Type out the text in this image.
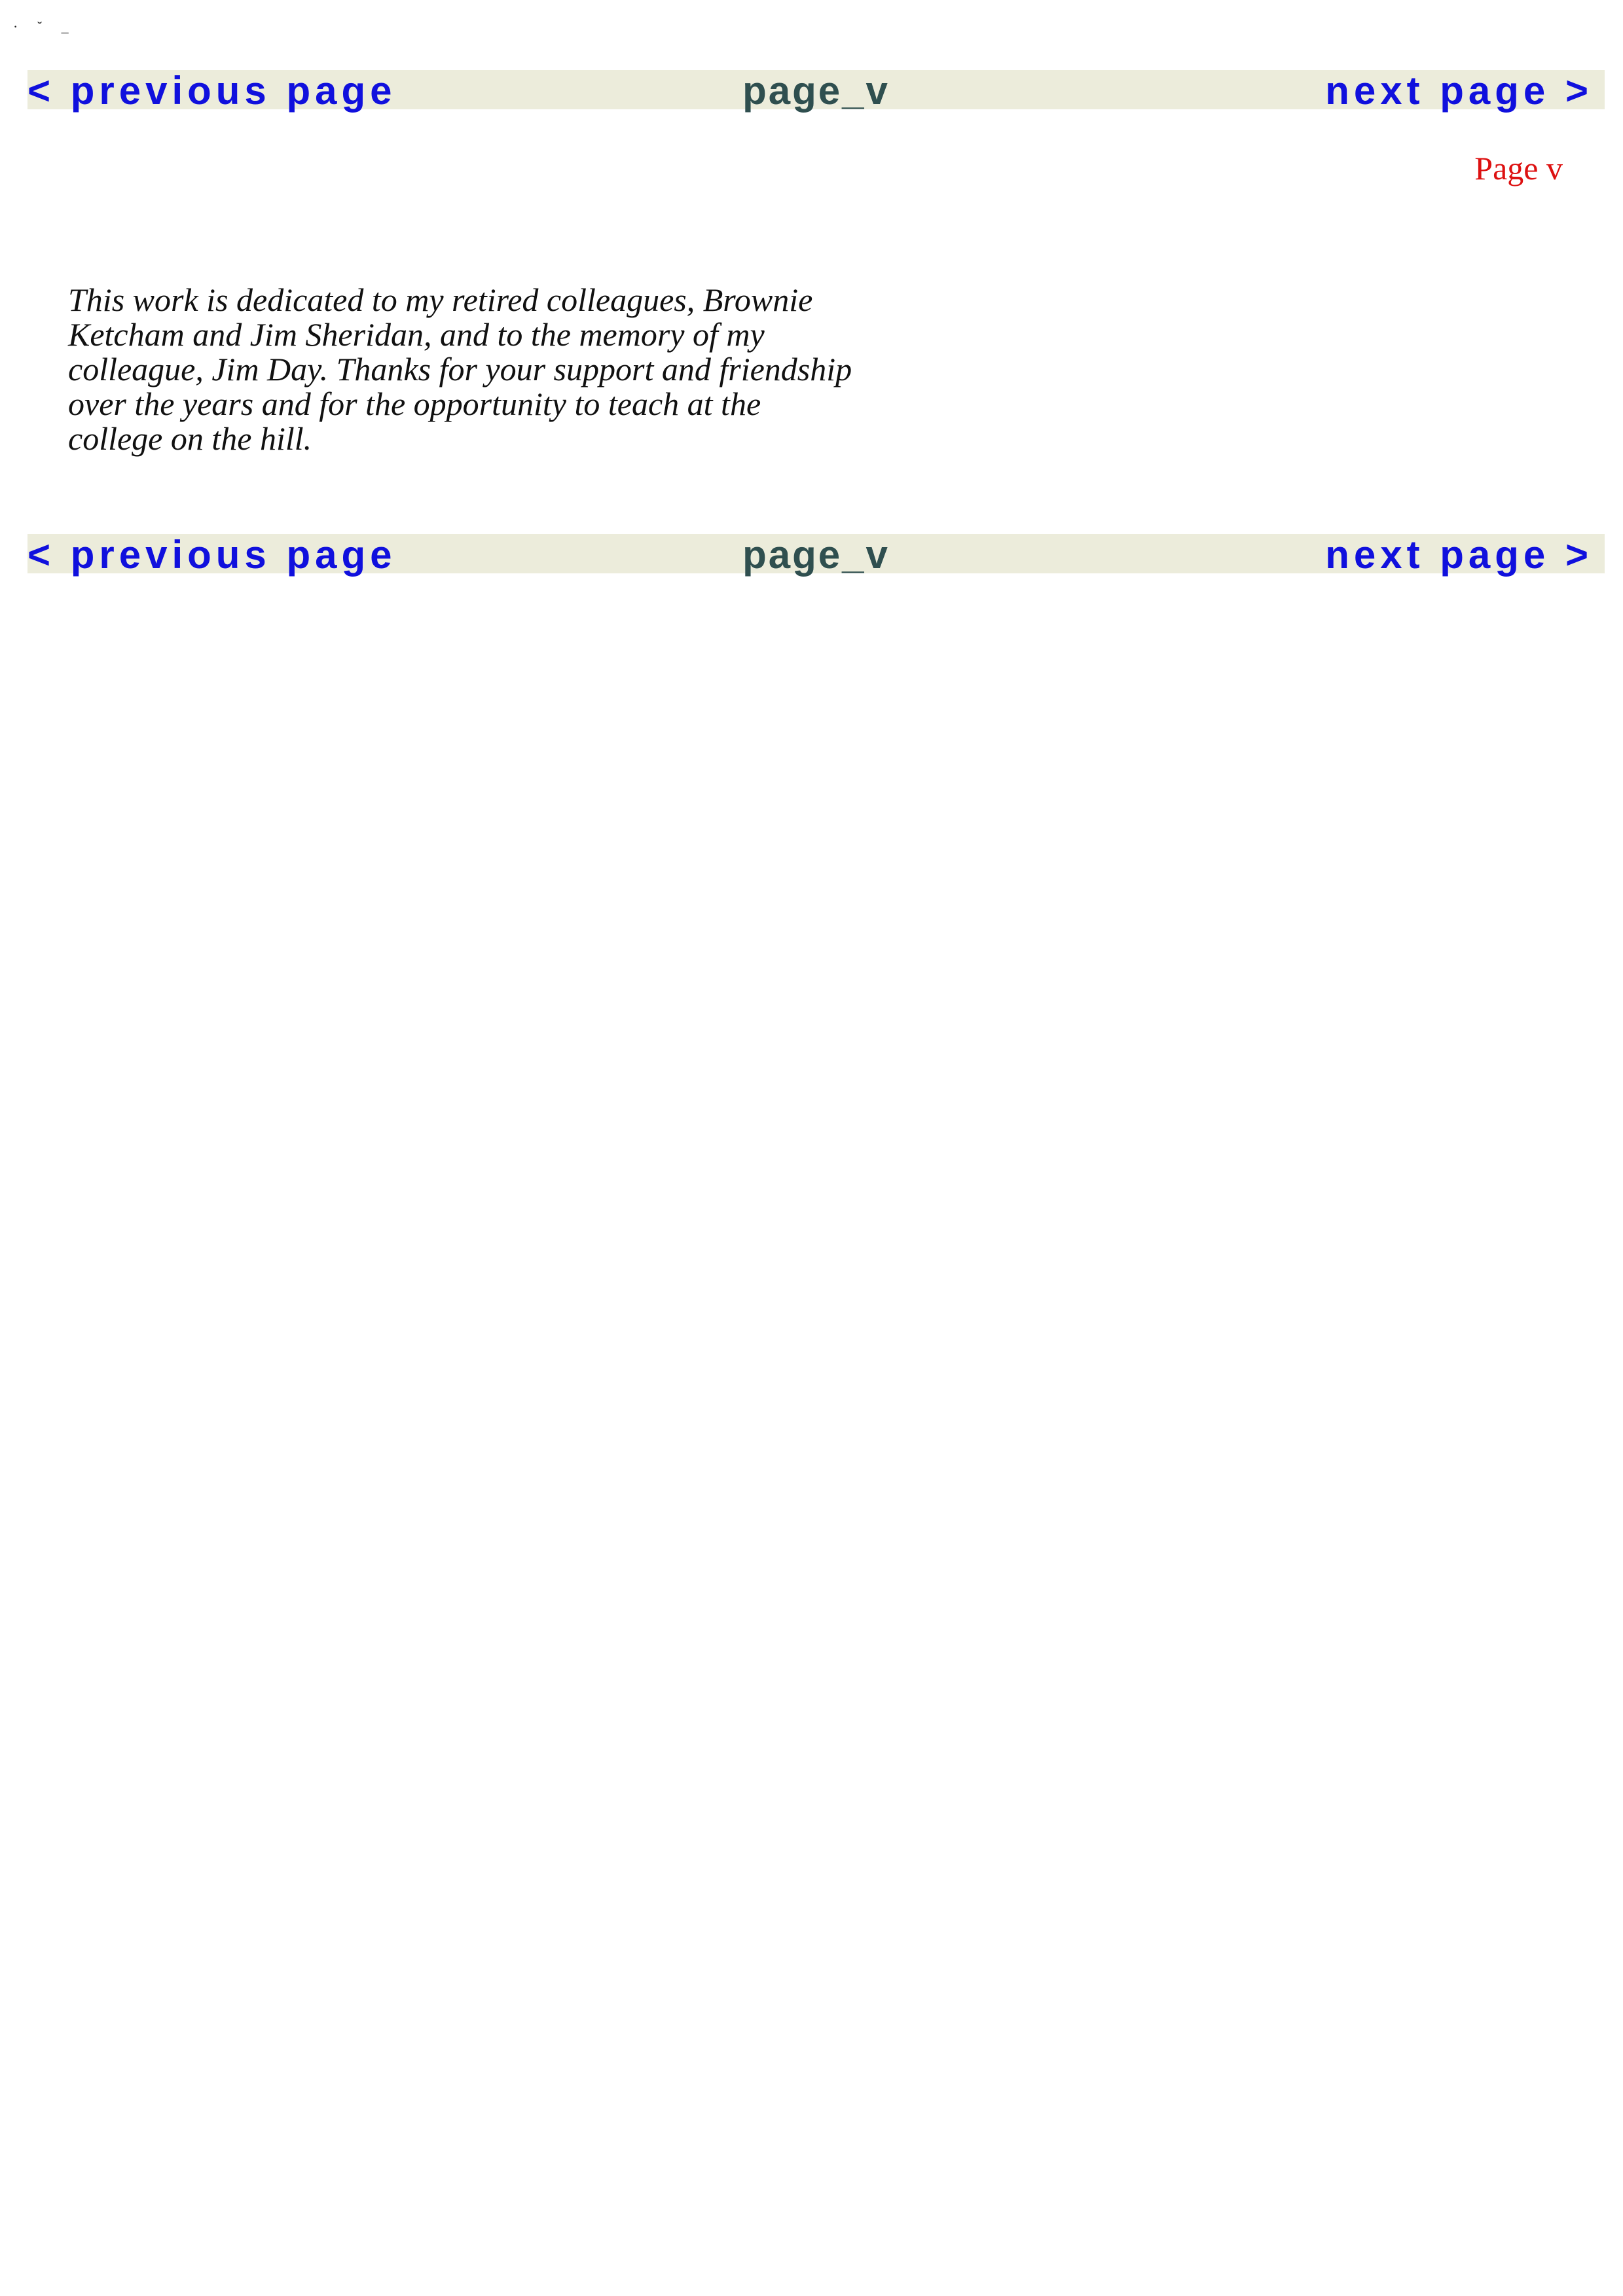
· ˘ _
< previous page	page_v	next page >
Page v

This work is dedicated to my retired colleagues, Brownie
Ketcham and Jim Sheridan, and to the memory of my
colleague, Jim Day. Thanks for your support and friendship
over the years and for the opportunity to teach at the
college on the hill.

< previous page	page_v	next page >
